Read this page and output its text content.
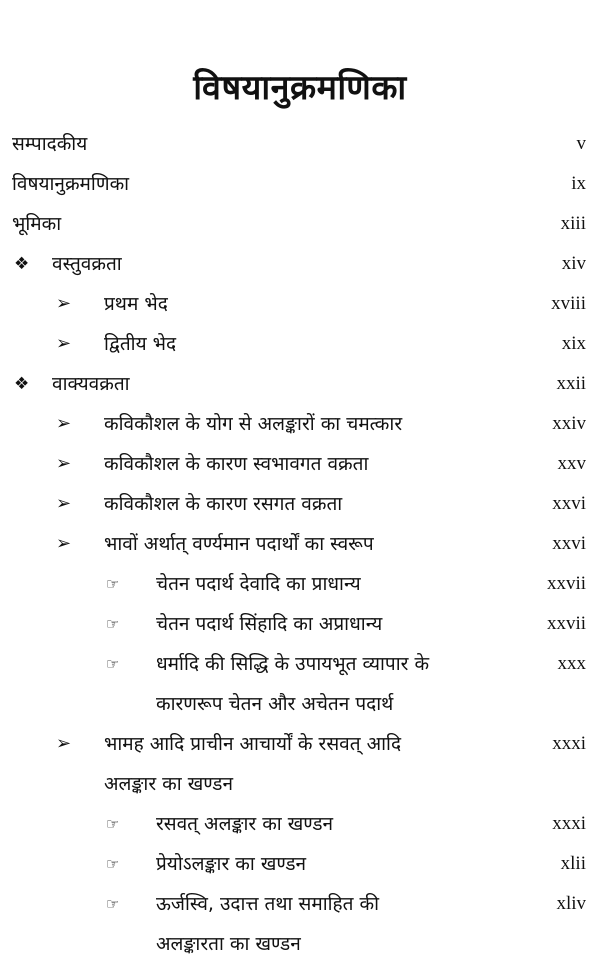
विषयानुक्रमणिका
सम्पादकीय	v
विषयानुक्रमणिका	ix
भूमिका	xiii
❖ वस्तुवक्रता	xiv
➢ प्रथम भेद	xviii
➢ द्वितीय भेद	xix
❖ वाक्यवक्रता	xxii
➢ कविकौशल के योग से अलङ्कारों का चमत्कार	xxiv
➢ कविकौशल के कारण स्वभावगत वक्रता	xxv
➢ कविकौशल के कारण रसगत वक्रता	xxvi
➢ भावों अर्थात् वर्ण्यमान पदार्थों का स्वरूप	xxvi
☞ चेतन पदार्थ देवादि का प्राधान्य	xxvii
☞ चेतन पदार्थ सिंहादि का अप्राधान्य	xxvii
☞ धर्मादि की सिद्धि के उपायभूत व्यापार के	xxx
कारणरूप चेतन और अचेतन पदार्थ
➢ भामह आदि प्राचीन आचार्यों के रसवत् आदि	xxxi
अलङ्कार का खण्डन
☞ रसवत् अलङ्कार का खण्डन	xxxi
☞ प्रेयोऽलङ्कार का खण्डन	xlii
☞ ऊर्जस्वि, उदात्त तथा समाहित की	xliv
अलङ्कारता का खण्डन
